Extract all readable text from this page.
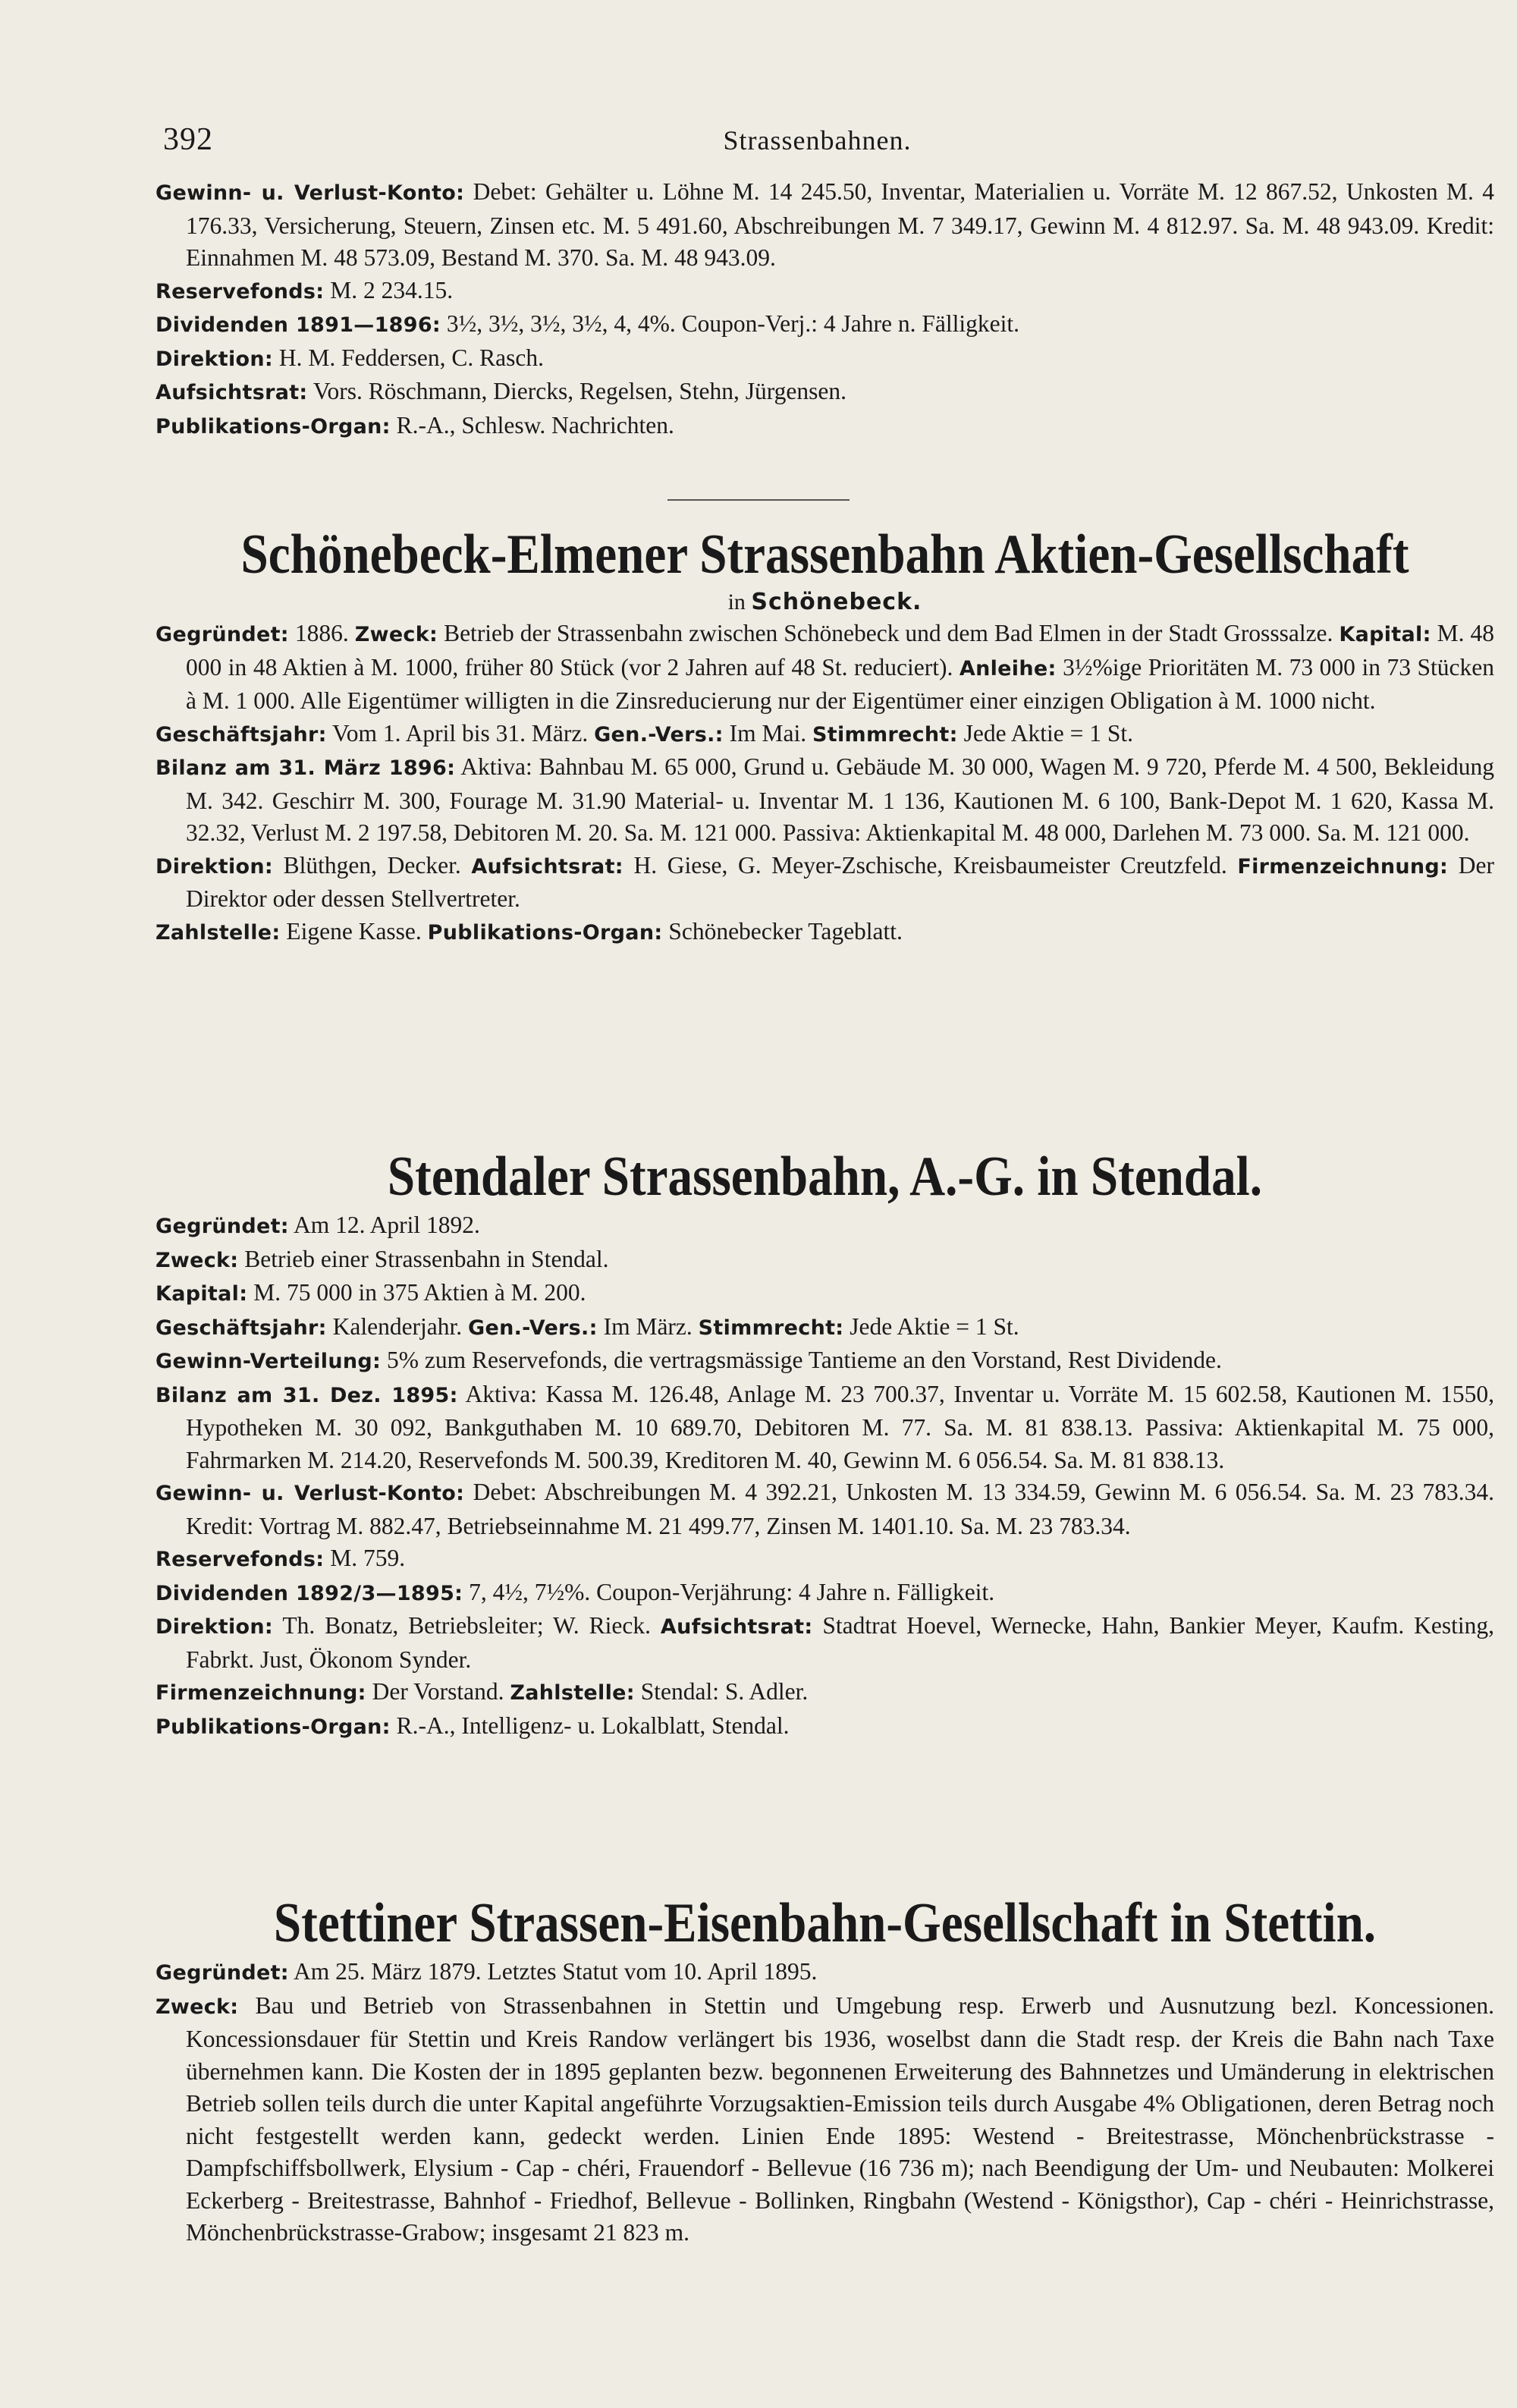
392	Strassenbahnen.

Gewinn- u. Verlust-Konto: Debet: Gehälter u. Löhne M. 14 245.50, Inventar, Materialien u. Vorräte M. 12 867.52, Unkosten M. 4 176.33, Versicherung, Steuern, Zinsen etc. M. 5 491.60, Abschreibungen M. 7 349.17, Gewinn M. 4 812.97. Sa. M. 48 943.09. Kredit: Einnahmen M. 48 573.09, Bestand M. 370. Sa. M. 48 943.09.

Reservefonds: M. 2 234.15.

Dividenden 1891—1896: 3½, 3½, 3½, 3½, 4, 4%. Coupon-Verj.: 4 Jahre n. Fälligkeit.

Direktion: H. M. Feddersen, C. Rasch.

Aufsichtsrat: Vors. Röschmann, Diercks, Regelsen, Stehn, Jürgensen.

Publikations-Organ: R.-A., Schlesw. Nachrichten.

Schönebeck-Elmener Strassenbahn Aktien-Gesellschaft

in Schönebeck.

Gegründet: 1886. Zweck: Betrieb der Strassenbahn zwischen Schönebeck und dem Bad Elmen in der Stadt Grosssalze. Kapital: M. 48 000 in 48 Aktien à M. 1000, früher 80 Stück (vor 2 Jahren auf 48 St. reduciert). Anleihe: 3½%ige Prioritäten M. 73 000 in 73 Stücken à M. 1 000. Alle Eigentümer willigten in die Zinsreducierung nur der Eigentümer einer einzigen Obligation à M. 1000 nicht.

Geschäftsjahr: Vom 1. April bis 31. März. Gen.-Vers.: Im Mai. Stimmrecht: Jede Aktie = 1 St.

Bilanz am 31. März 1896: Aktiva: Bahnbau M. 65 000, Grund u. Gebäude M. 30 000, Wagen M. 9 720, Pferde M. 4 500, Bekleidung M. 342. Geschirr M. 300, Fourage M. 31.90 Material- u. Inventar M. 1 136, Kautionen M. 6 100, Bank-Depot M. 1 620, Kassa M. 32.32, Verlust M. 2 197.58, Debitoren M. 20. Sa. M. 121 000. Passiva: Aktienkapital M. 48 000, Darlehen M. 73 000. Sa. M. 121 000.

Direktion: Blüthgen, Decker. Aufsichtsrat: H. Giese, G. Meyer-Zschische, Kreisbaumeister Creutzfeld. Firmenzeichnung: Der Direktor oder dessen Stellvertreter.

Zahlstelle: Eigene Kasse. Publikations-Organ: Schönebecker Tageblatt.

Stendaler Strassenbahn, A.-G. in Stendal.

Gegründet: Am 12. April 1892.

Zweck: Betrieb einer Strassenbahn in Stendal.

Kapital: M. 75 000 in 375 Aktien à M. 200.

Geschäftsjahr: Kalenderjahr. Gen.-Vers.: Im März. Stimmrecht: Jede Aktie = 1 St.

Gewinn-Verteilung: 5% zum Reservefonds, die vertragsmässige Tantieme an den Vorstand, Rest Dividende.

Bilanz am 31. Dez. 1895: Aktiva: Kassa M. 126.48, Anlage M. 23 700.37, Inventar u. Vorräte M. 15 602.58, Kautionen M. 1550, Hypotheken M. 30 092, Bankguthaben M. 10 689.70, Debitoren M. 77. Sa. M. 81 838.13. Passiva: Aktienkapital M. 75 000, Fahrmarken M. 214.20, Reservefonds M. 500.39, Kreditoren M. 40, Gewinn M. 6 056.54. Sa. M. 81 838.13.

Gewinn- u. Verlust-Konto: Debet: Abschreibungen M. 4 392.21, Unkosten M. 13 334.59, Gewinn M. 6 056.54. Sa. M. 23 783.34. Kredit: Vortrag M. 882.47, Betriebseinnahme M. 21 499.77, Zinsen M. 1401.10. Sa. M. 23 783.34.

Reservefonds: M. 759.

Dividenden 1892/3—1895: 7, 4½, 7½%. Coupon-Verjährung: 4 Jahre n. Fälligkeit.

Direktion: Th. Bonatz, Betriebsleiter; W. Rieck. Aufsichtsrat: Stadtrat Hoevel, Wernecke, Hahn, Bankier Meyer, Kaufm. Kesting, Fabrkt. Just, Ökonom Synder.

Firmenzeichnung: Der Vorstand. Zahlstelle: Stendal: S. Adler.

Publikations-Organ: R.-A., Intelligenz- u. Lokalblatt, Stendal.

Stettiner Strassen-Eisenbahn-Gesellschaft in Stettin.

Gegründet: Am 25. März 1879. Letztes Statut vom 10. April 1895.

Zweck: Bau und Betrieb von Strassenbahnen in Stettin und Umgebung resp. Erwerb und Ausnutzung bezl. Koncessionen. Koncessionsdauer für Stettin und Kreis Randow verlängert bis 1936, woselbst dann die Stadt resp. der Kreis die Bahn nach Taxe übernehmen kann. Die Kosten der in 1895 geplanten bezw. begonnenen Erweiterung des Bahnnetzes und Umänderung in elektrischen Betrieb sollen teils durch die unter Kapital angeführte Vorzugsaktien-Emission teils durch Ausgabe 4% Obligationen, deren Betrag noch nicht festgestellt werden kann, gedeckt werden. Linien Ende 1895: Westend - Breitestrasse, Mönchenbrückstrasse - Dampfschiffsbollwerk, Elysium - Cap - chéri, Frauendorf - Bellevue (16 736 m); nach Beendigung der Um- und Neubauten: Molkerei Eckerberg - Breitestrasse, Bahnhof - Friedhof, Bellevue - Bollinken, Ringbahn (Westend - Königsthor), Cap - chéri - Heinrichstrasse, Mönchenbrückstrasse-Grabow; insgesamt 21 823 m.
